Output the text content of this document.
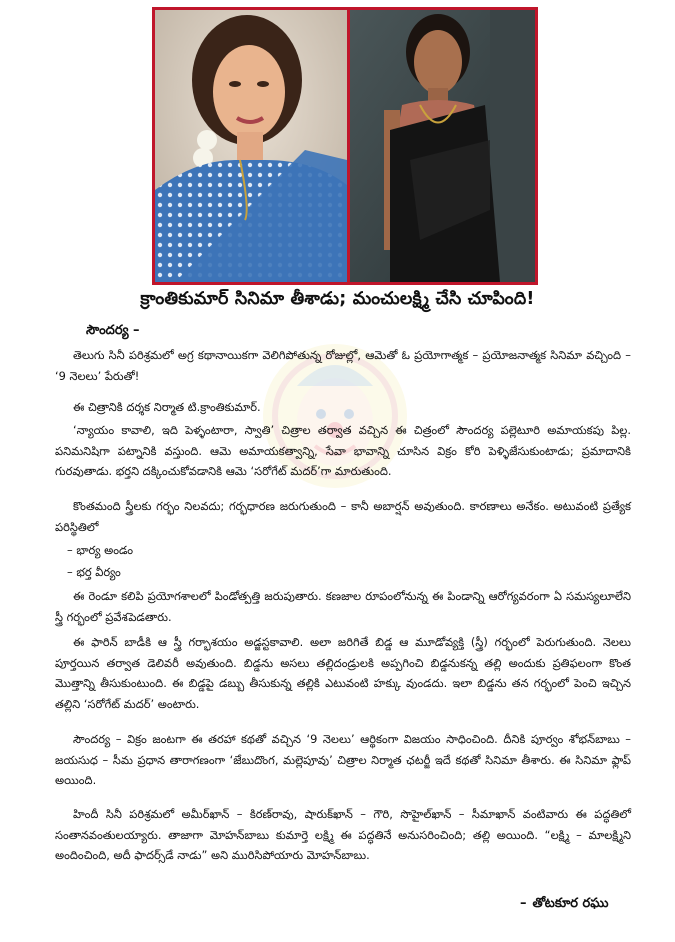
క్రాంతికుమార్ సినిమా తీశాడు; మంచులక్ష్మి చేసి చూపింది!
సౌందర్య –

తెలుగు సినీ పరిశ్రమలో అగ్ర కథానాయికగా వెలిగిపోతున్న రోజుల్లో, ఆమెతో ఓ ప్రయోగాత్మక – ప్రయోజనాత్మక సినిమా వచ్చింది – ‘9 నెలలు’ పేరుతో!

ఈ చిత్రానికి దర్శక నిర్మాత టి.క్రాంతికుమార్.

‘న్యాయం కావాలి, ఇది పెళ్ళంటారా, స్వాతి’ చిత్రాల తర్వాత వచ్చిన ఈ చిత్రంలో సౌందర్య పల్లెటూరి అమాయకపు పిల్ల. పనిమనిషిగా పట్నానికి వస్తుంది. ఆమె అమాయకత్వాన్ని, సేవా భావాన్ని చూసిన విక్రం కోరి పెళ్ళిజేసుకుంటాడు; ప్రమాదానికి గురవుతాడు. భర్తని దక్కించుకోవడానికి ఆమె ‘సరోగేట్ మదర్’గా మారుతుంది.

కొంతమంది స్త్రీలకు గర్భం నిలవదు; గర్భధారణ జరుగుతుంది – కానీ అబార్షన్ అవుతుంది. కారణాలు అనేకం. అటువంటి ప్రత్యేక పరిస్థితిలో

– భార్య అండం
– భర్త వీర్యం

ఈ రెండూ కలిపి ప్రయోగశాలలో పిండోత్పత్తి జరుపుతారు. కణజాల రూపంలోనున్న ఈ పిండాన్ని ఆరోగ్యవరంగా ఏ సమస్యలూలేని స్త్రీ గర్భంలో ప్రవేశపెడతారు.

ఈ ఫారిన్ బాడీకి ఆ స్త్రీ గర్భాశయం అడ్జస్టకావాలి. అలా జరిగితే బిడ్డ ఆ మూడోవ్యక్తి (స్త్రీ) గర్భంలో పెరుగుతుంది. నెలలు పూర్తయిన తర్వాత డెలివరీ అవుతుంది. బిడ్డను అసలు తల్లిదండ్రులకి అప్పగించి బిడ్డనుకన్న తల్లి అందుకు ప్రతిఫలంగా కొంత మొత్తాన్ని తీసుకుంటుంది. ఈ బిడ్డపై డబ్బు తీసుకున్న తల్లికి ఎటువంటి హక్కు వుండదు. ఇలా బిడ్డను తన గర్భంలో పెంచి ఇచ్చిన తల్లిని ‘సరోగేట్ మదర్’ అంటారు.

సౌందర్య – విక్రం జంటగా ఈ తరహా కథతో వచ్చిన ‘9 నెలలు’ ఆర్థికంగా విజయం సాధించింది. దీనికి పూర్వం శోభన్‌బాబు – జయసుధ – సీమ ప్రధాన తారాగణంగా ‘జేబుదొంగ, మల్లెపూవు’ చిత్రాల నిర్మాత ఛటర్జీ ఇదే కథతో సినిమా తీశారు. ఈ సినిమా ఫ్లాప్ అయింది.

హిందీ సినీ పరిశ్రమలో అమీర్‌ఖాన్ – కిరణ్‌రావు, షారుక్‌ఖాన్ – గౌరి, సొహైల్‌ఖాన్ – సీమాఖాన్ వంటివారు ఈ పద్ధతిలో సంతానవంతులయ్యారు. తాజాగా మోహన్‌బాబు కుమార్తె లక్ష్మి ఈ పద్ధతినే అనుసరించింది; తల్లి అయింది. “లక్ష్మి – మాలక్ష్మిని అందించింది, అదీ ఫాదర్స్‌డే నాడు” అని మురిసిపోయారు మోహన్‌బాబు.

– తోటకూర రఘు
